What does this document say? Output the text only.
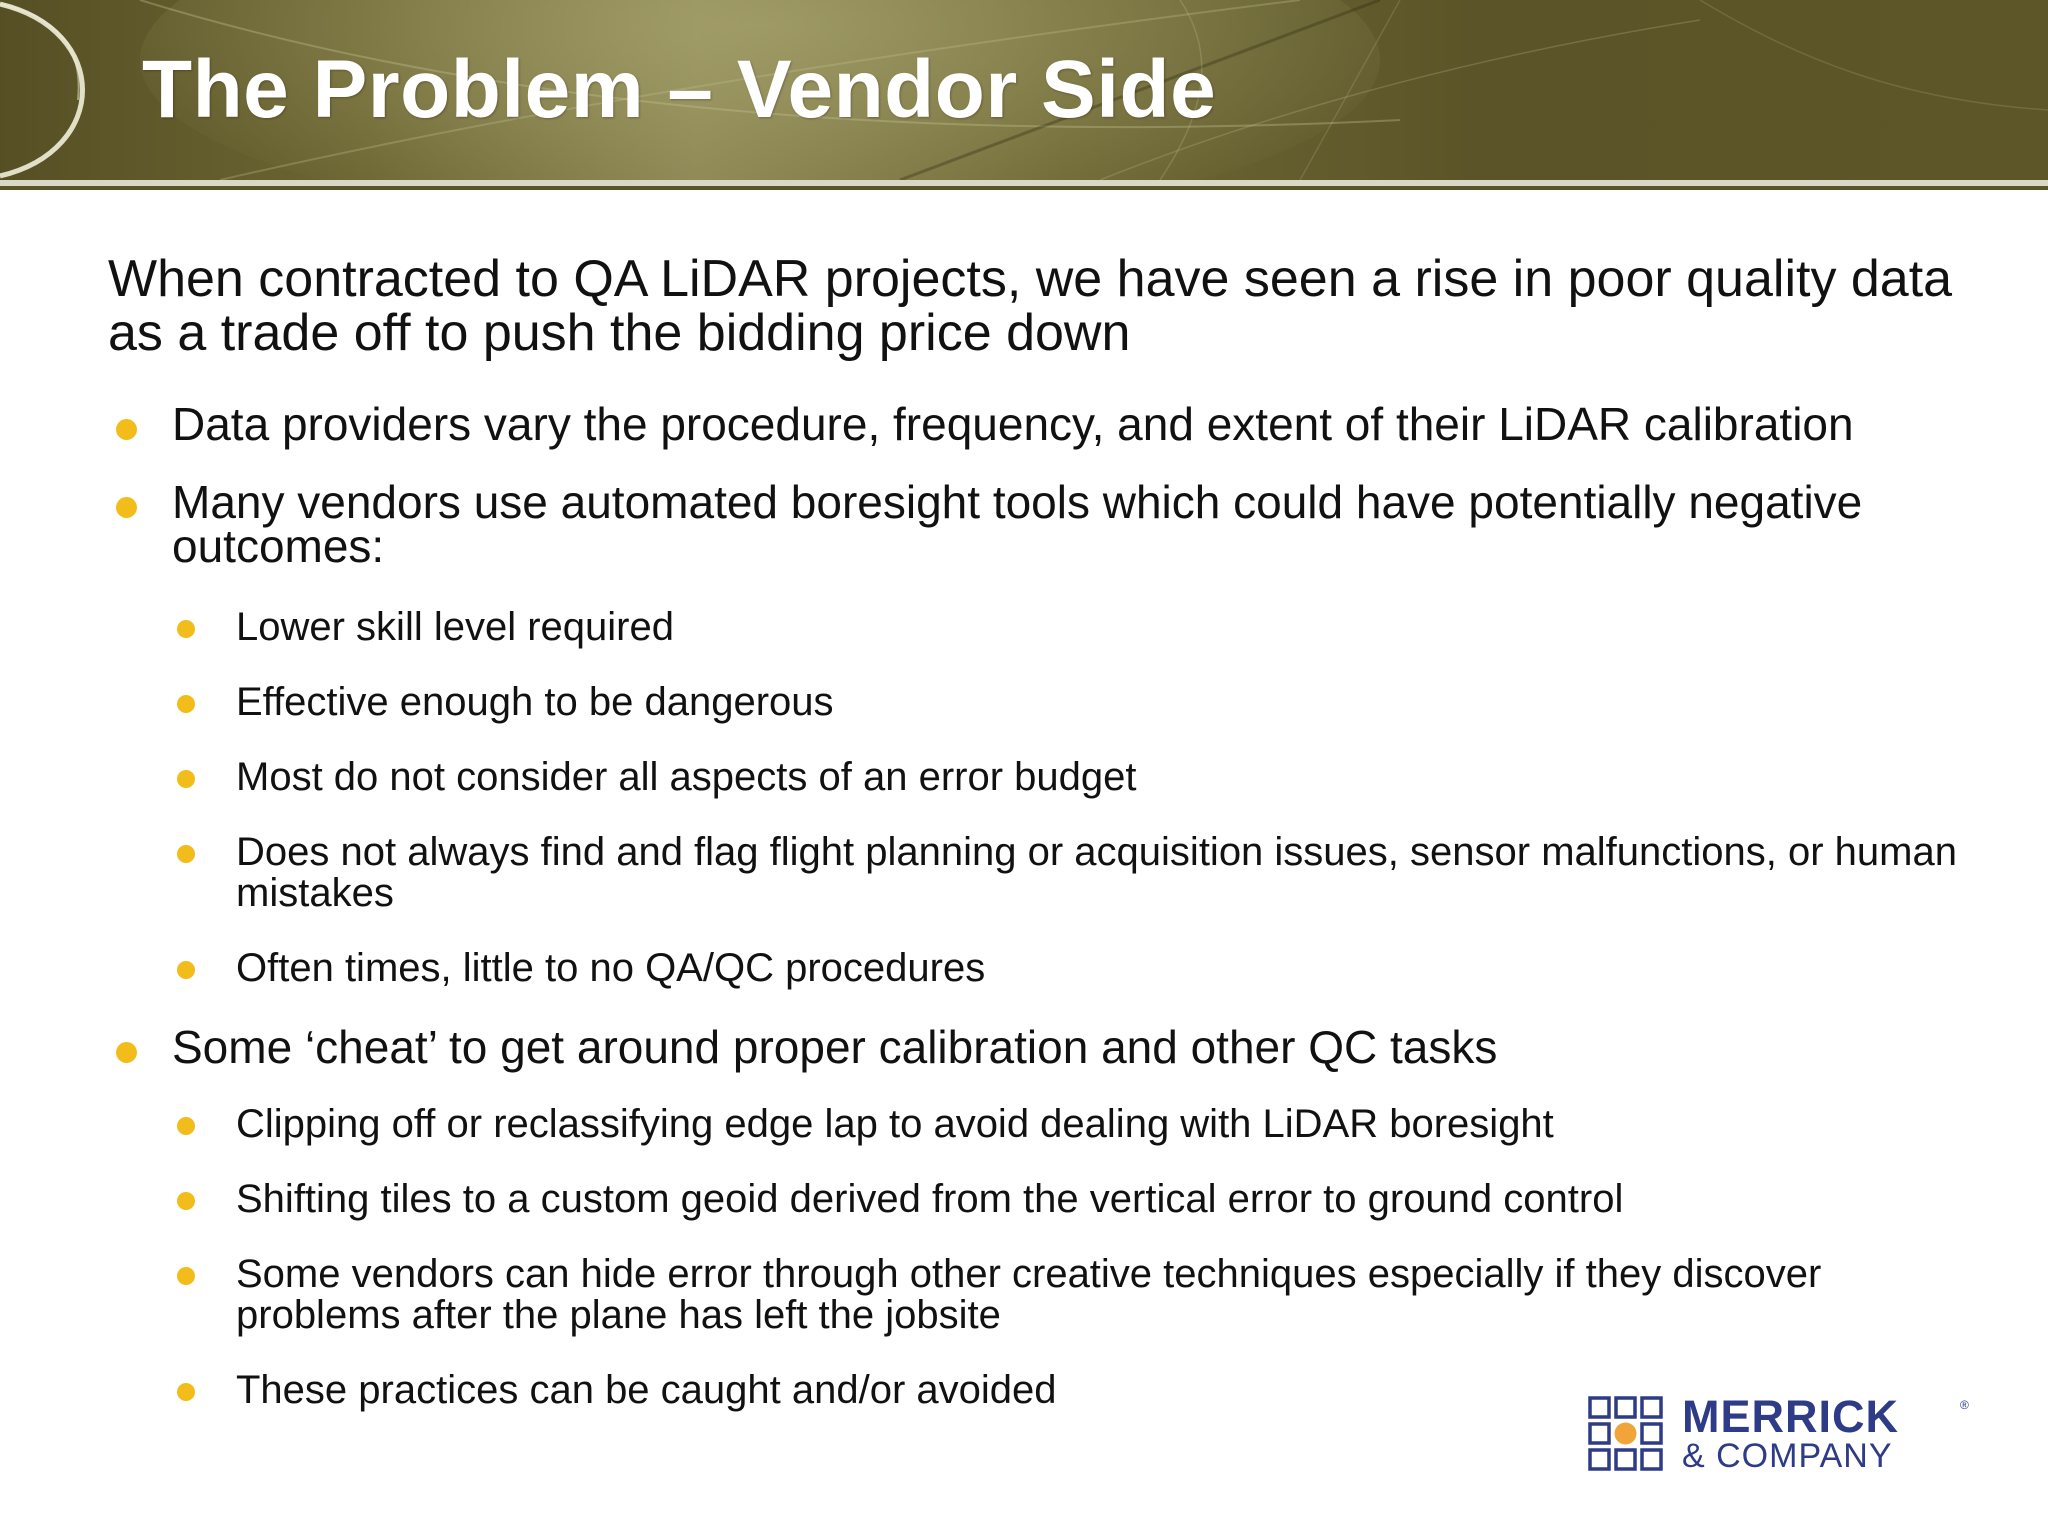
The Problem – Vendor Side

When contracted to QA LiDAR projects, we have seen a rise in poor quality data as a trade off to push the bidding price down

Data providers vary the procedure, frequency, and extent of their LiDAR calibration

Many vendors use automated boresight tools which could have potentially negative outcomes:

Lower skill level required

Effective enough to be dangerous

Most do not consider all aspects of an error budget

Does not always find and flag flight planning or acquisition issues, sensor malfunctions, or human mistakes

Often times, little to no QA/QC procedures

Some ‘cheat’ to get around proper calibration and other QC tasks

Clipping off or reclassifying edge lap to avoid dealing with LiDAR boresight

Shifting tiles to a custom geoid derived from the vertical error to ground control

Some vendors can hide error through other creative techniques especially if they discover problems after the plane has left the jobsite

These practices can be caught and/or avoided

MERRICK	®

& COMPANY
